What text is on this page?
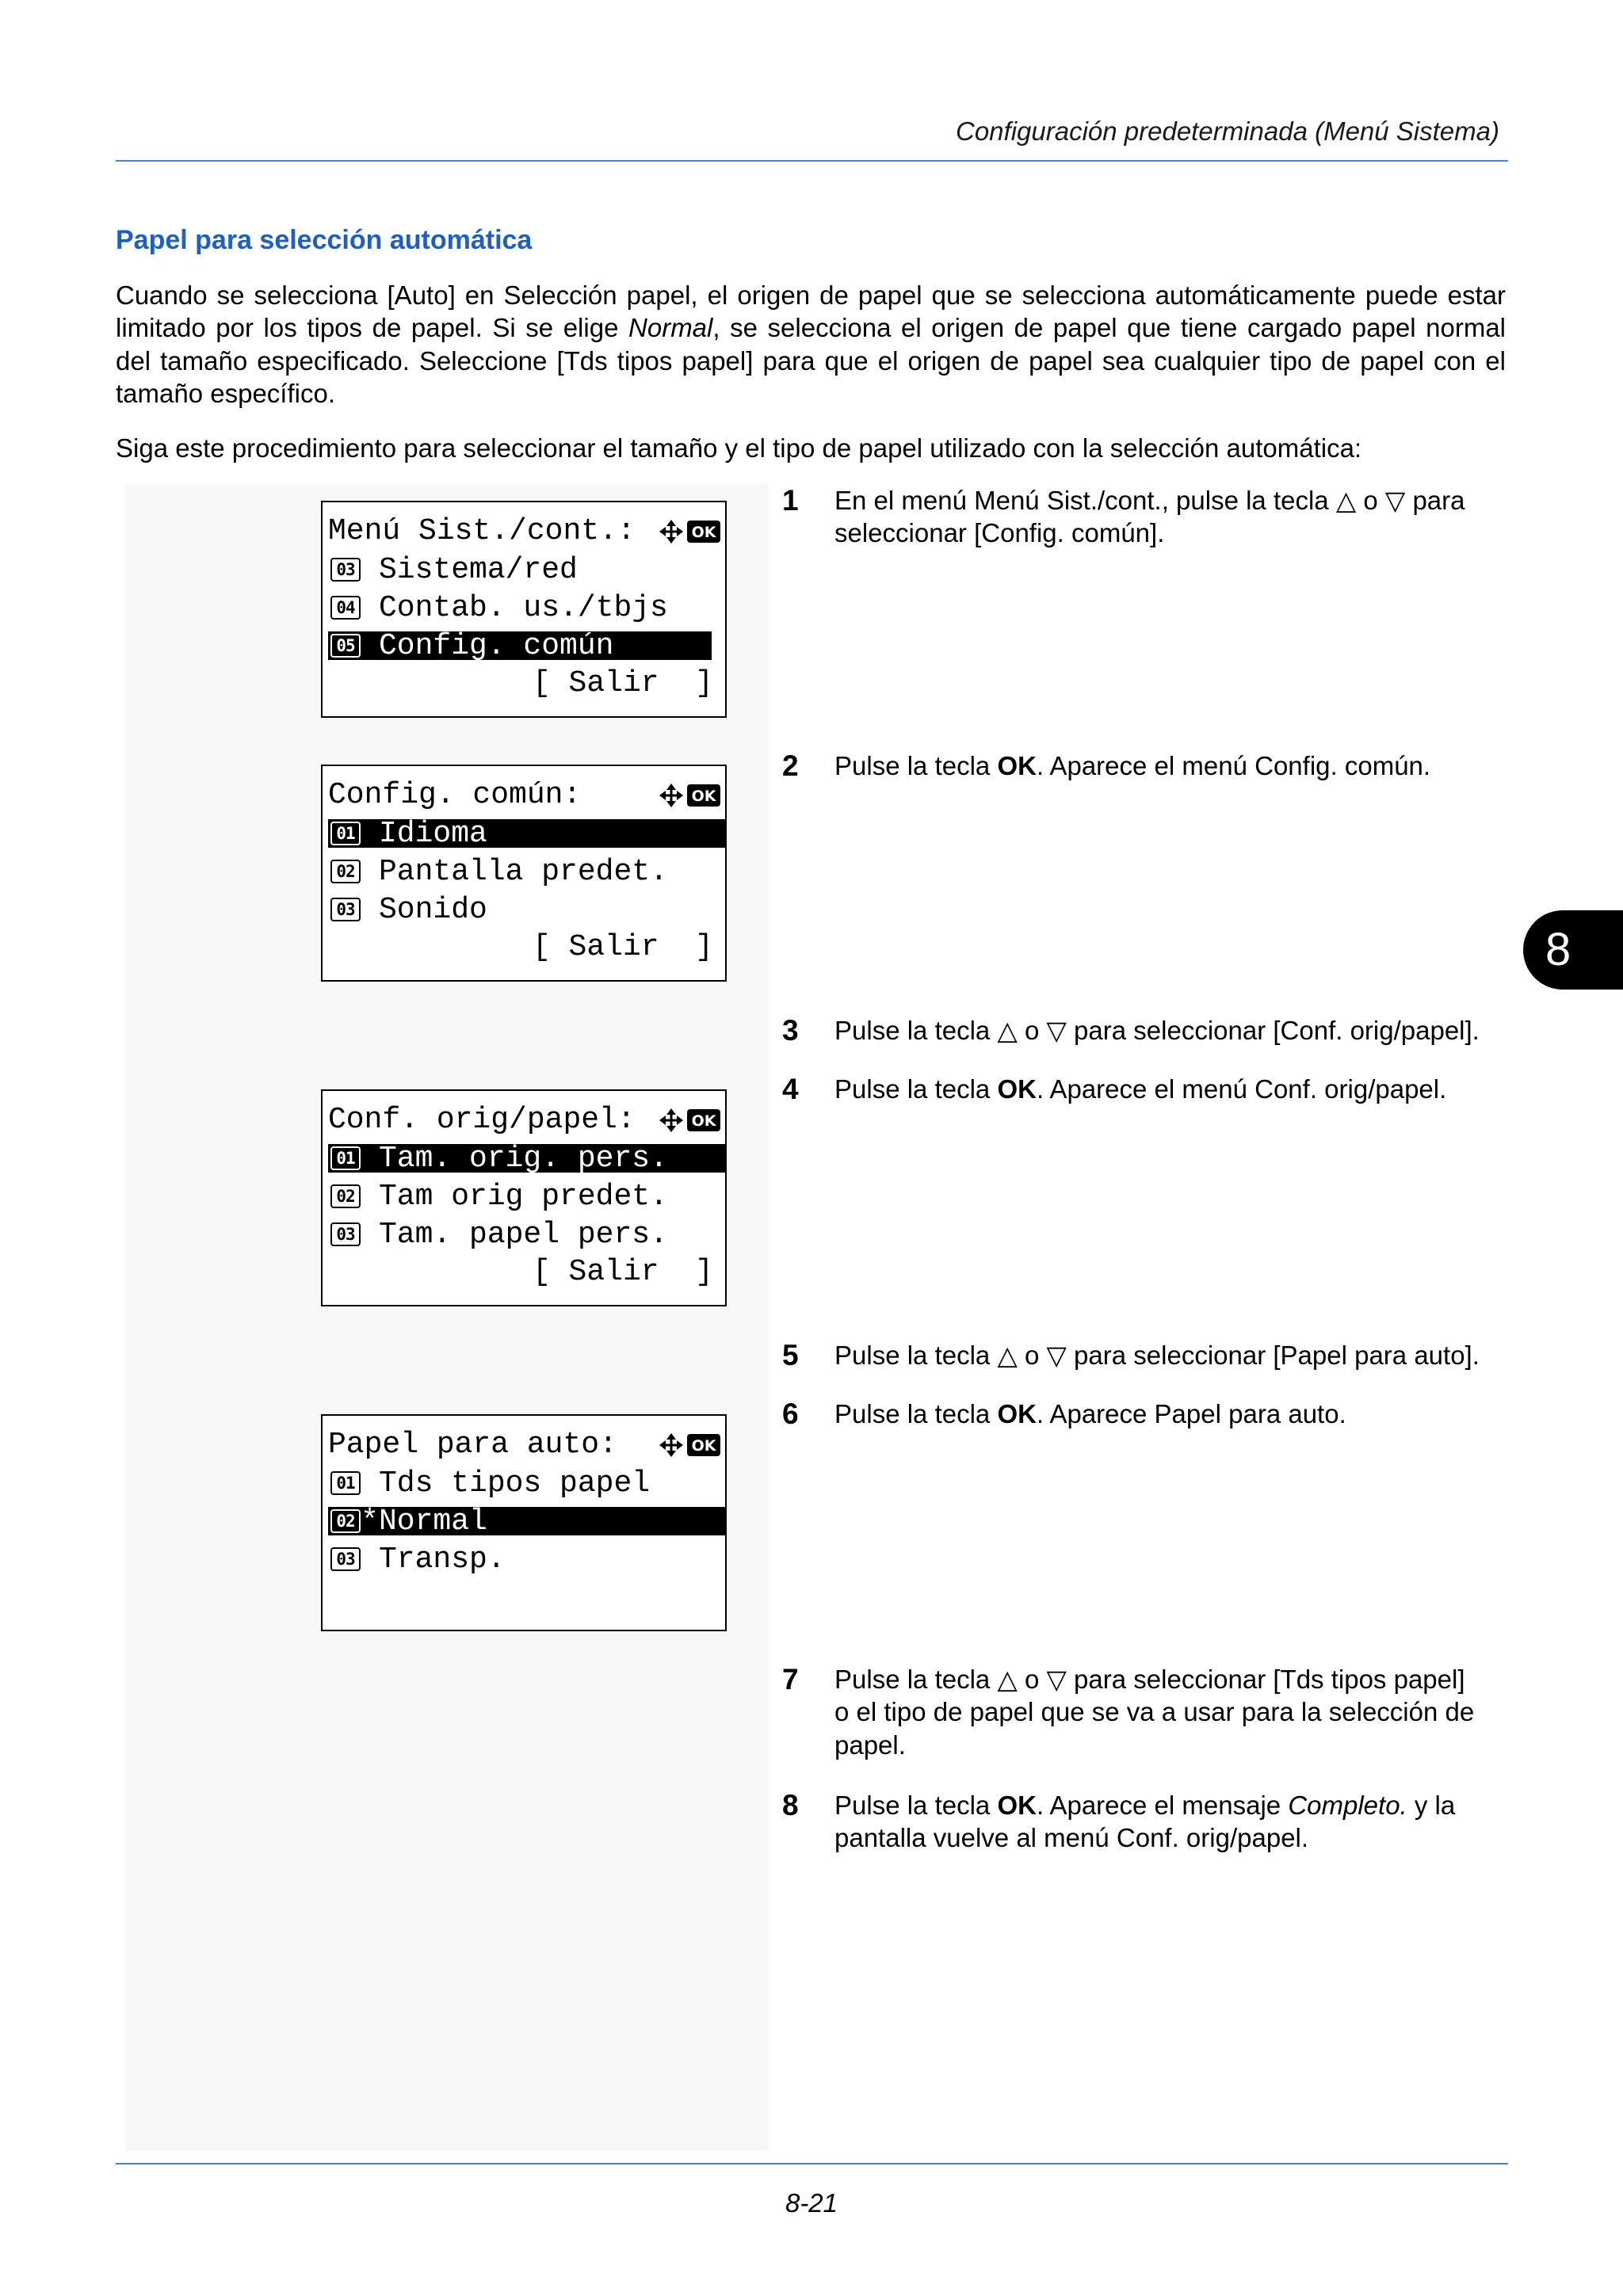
Configuración predeterminada (Menú Sistema)
Papel para selección automática
Cuando se selecciona [Auto] en Selección papel, el origen de papel que se selecciona automáticamente puede estar
limitado por los tipos de papel. Si se elige Normal, se selecciona el origen de papel que tiene cargado papel normal
del tamaño especificado. Seleccione [Tds tipos papel] para que el origen de papel sea cualquier tipo de papel con el
tamaño específico.
Siga este procedimiento para seleccionar el tamaño y el tipo de papel utilizado con la selección automática:
Menú Sist./cont.:	OK
03 Sistema/red
04 Contab. us./tbjs
05 Config. común
[ Salir  ]
Config. común:	OK
01 Idioma
02 Pantalla predet.
03 Sonido
[ Salir  ]
Conf. orig/papel:	OK
01 Tam. orig. pers.
02 Tam orig predet.
03 Tam. papel pers.
[ Salir  ]
Papel para auto:	OK
01 Tds tipos papel
02 * Normal
03 Transp.
1 En el menú Menú Sist./cont., pulse la tecla △ o ▽ para
seleccionar [Config. común].
2 Pulse la tecla OK. Aparece el menú Config. común.
3 Pulse la tecla △ o ▽ para seleccionar [Conf. orig/papel].
4 Pulse la tecla OK. Aparece el menú Conf. orig/papel.
5 Pulse la tecla △ o ▽ para seleccionar [Papel para auto].
6 Pulse la tecla OK. Aparece Papel para auto.
7 Pulse la tecla △ o ▽ para seleccionar [Tds tipos papel]
o el tipo de papel que se va a usar para la selección de
papel.
8 Pulse la tecla OK. Aparece el mensaje Completo. y la
pantalla vuelve al menú Conf. orig/papel.
8
8-21
